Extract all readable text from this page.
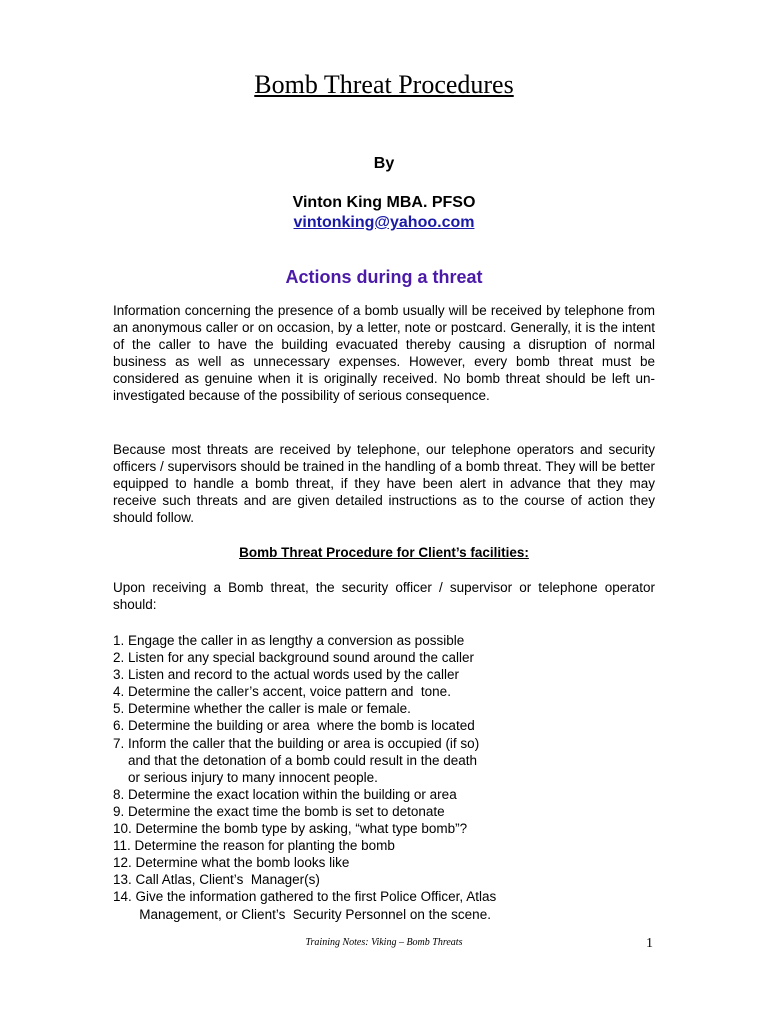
Bomb Threat Procedures
By
Vinton King MBA. PFSO
vintonking@yahoo.com
Actions during a threat

Information concerning the presence of a bomb usually will be received by telephone from an anonymous caller or on occasion, by a letter, note or postcard. Generally, it is the intent of the caller to have the building evacuated thereby causing a disruption of normal business as well as unnecessary expenses. However, every bomb threat must be considered as genuine when it is originally received. No bomb threat should be left un-investigated because of the possibility of serious consequence.

Because most threats are received by telephone, our telephone operators and security officers / supervisors should be trained in the handling of a bomb threat. They will be better equipped to handle a bomb threat, if they have been alert in advance that they may receive such threats and are given detailed instructions as to the course of action they should follow.

Bomb Threat Procedure for Client’s facilities:

Upon receiving a Bomb threat, the security officer / supervisor or telephone operator should:

1. Engage the caller in as lengthy a conversion as possible
2. Listen for any special background sound around the caller
3. Listen and record to the actual words used by the caller
4. Determine the caller’s accent, voice pattern and  tone.
5. Determine whether the caller is male or female.
6. Determine the building or area  where the bomb is located
7. Inform the caller that the building or area is occupied (if so)
and that the detonation of a bomb could result in the death
or serious injury to many innocent people.
8. Determine the exact location within the building or area
9. Determine the exact time the bomb is set to detonate
10. Determine the bomb type by asking, “what type bomb”?
11. Determine the reason for planting the bomb
12. Determine what the bomb looks like
13. Call Atlas, Client’s  Manager(s)
14. Give the information gathered to the first Police Officer, Atlas
Management, or Client’s  Security Personnel on the scene.
Training Notes: Viking – Bomb Threats	1
